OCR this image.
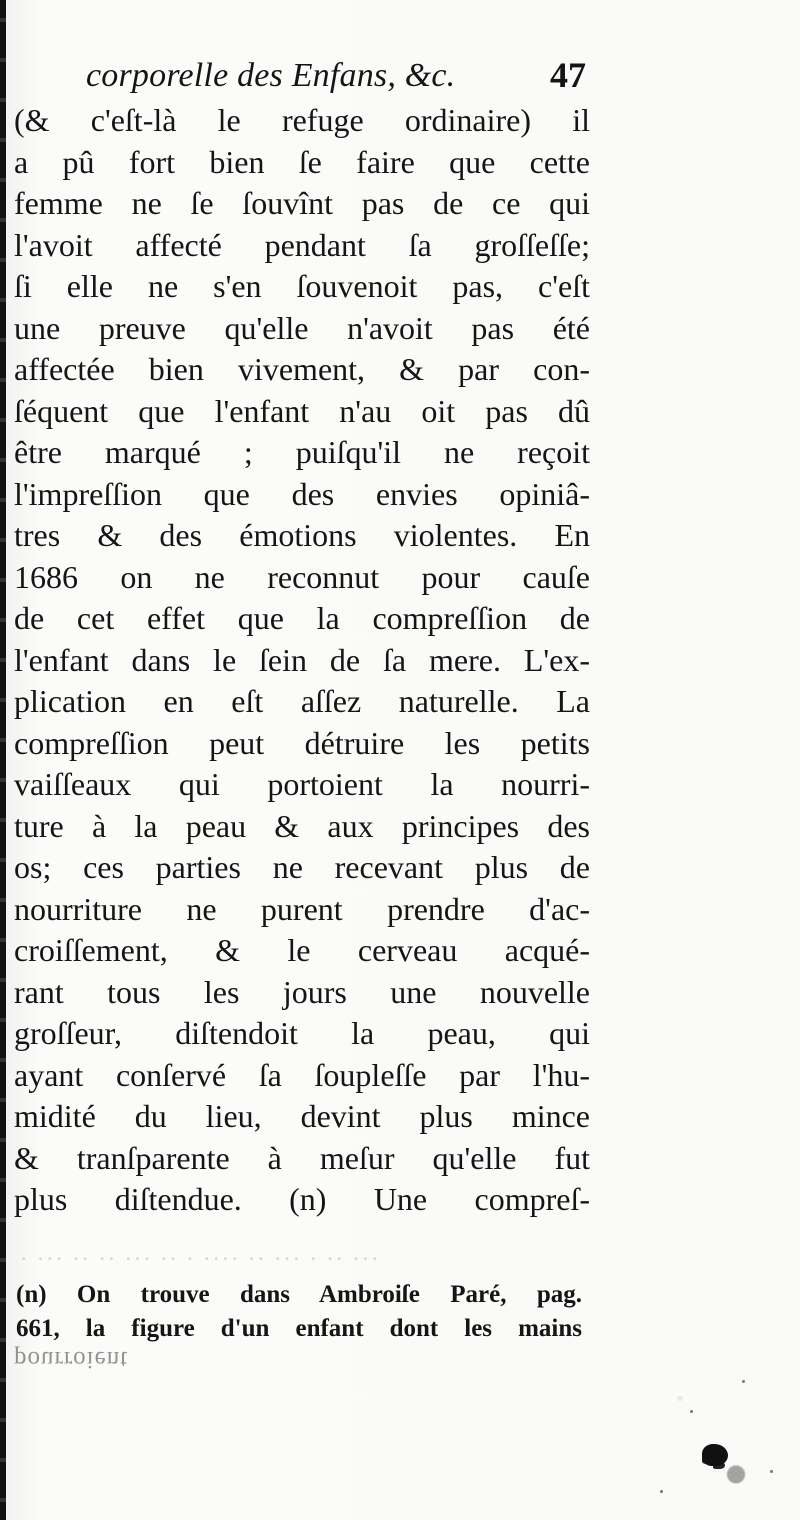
corporelle des Enfans, &c.	47
(& c'eſt-là le refuge ordinaire) il
a pû fort bien ſe faire que cette
femme ne ſe ſouvînt pas de ce qui
l'avoit affecté pendant ſa groſſeſſe;
ſi elle ne s'en ſouvenoit pas, c'eſt
une preuve qu'elle n'avoit pas été
affectée bien vivement, & par con-
ſéquent que l'enfant n'au oit pas dû
être marqué ; puiſqu'il ne reçoit
l'impreſſion que des envies opiniâ-
tres & des émotions violentes. En
1686 on ne reconnut pour cauſe
de cet effet que la compreſſion de
l'enfant dans le ſein de ſa mere. L'ex-
plication en eſt aſſez naturelle. La
compreſſion peut détruire les petits
vaiſſeaux qui portoient la nourri-
ture à la peau & aux principes des
os; ces parties ne recevant plus de
nourriture ne purent prendre d'ac-
croiſſement, & le cerveau acqué-
rant tous les jours une nouvelle
groſſeur, diſtendoit la peau, qui
ayant conſervé ſa ſoupleſſe par l'hu-
midité du lieu, devint plus mince
& tranſparente à meſur qu'elle fut
plus diſtendue. (n) Une compreſ-
· ··· ·· ·· ··· ·· · ···· ·· ··· · ·· ···
(n) On trouve dans Ambroiſe Paré, pag.
661, la figure d'un enfant dont les mains
pourroient
